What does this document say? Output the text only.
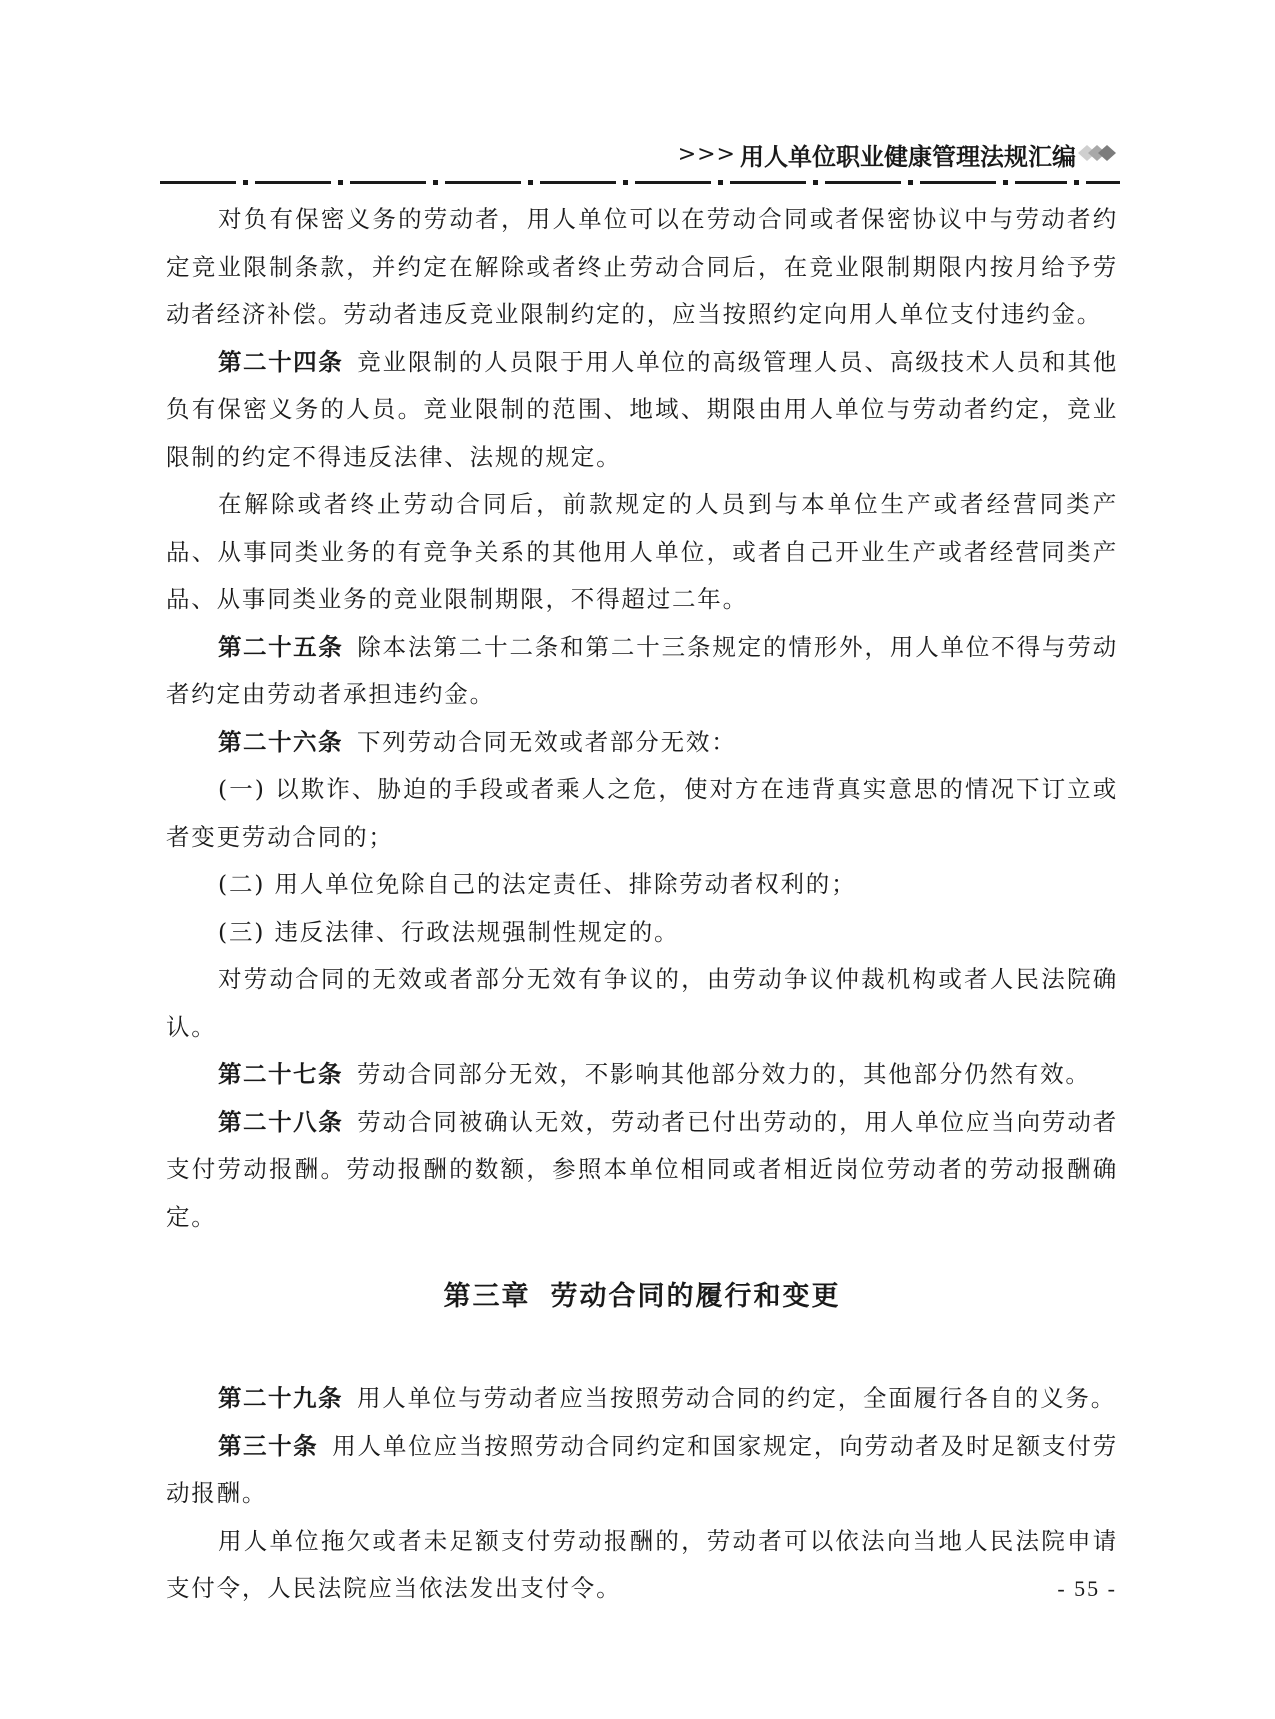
>>> 用人单位职业健康管理法规汇编

对负有保密义务的劳动者，用人单位可以在劳动合同或者保密协议中与劳动者约定竞业限制条款，并约定在解除或者终止劳动合同后，在竞业限制期限内按月给予劳动者经济补偿。劳动者违反竞业限制约定的，应当按照约定向用人单位支付违约金。

第二十四条 竞业限制的人员限于用人单位的高级管理人员、高级技术人员和其他负有保密义务的人员。竞业限制的范围、地域、期限由用人单位与劳动者约定，竞业限制的约定不得违反法律、法规的规定。

在解除或者终止劳动合同后，前款规定的人员到与本单位生产或者经营同类产品、从事同类业务的有竞争关系的其他用人单位，或者自己开业生产或者经营同类产品、从事同类业务的竞业限制期限，不得超过二年。

第二十五条 除本法第二十二条和第二十三条规定的情形外，用人单位不得与劳动者约定由劳动者承担违约金。

第二十六条 下列劳动合同无效或者部分无效：

(一) 以欺诈、胁迫的手段或者乘人之危，使对方在违背真实意思的情况下订立或者变更劳动合同的；

(二) 用人单位免除自己的法定责任、排除劳动者权利的；

(三) 违反法律、行政法规强制性规定的。

对劳动合同的无效或者部分无效有争议的，由劳动争议仲裁机构或者人民法院确认。

第二十七条 劳动合同部分无效，不影响其他部分效力的，其他部分仍然有效。

第二十八条 劳动合同被确认无效，劳动者已付出劳动的，用人单位应当向劳动者支付劳动报酬。劳动报酬的数额，参照本单位相同或者相近岗位劳动者的劳动报酬确定。

第三章 劳动合同的履行和变更

第二十九条 用人单位与劳动者应当按照劳动合同的约定，全面履行各自的义务。

第三十条 用人单位应当按照劳动合同约定和国家规定，向劳动者及时足额支付劳动报酬。

用人单位拖欠或者未足额支付劳动报酬的，劳动者可以依法向当地人民法院申请支付令，人民法院应当依法发出支付令。	- 55 -
